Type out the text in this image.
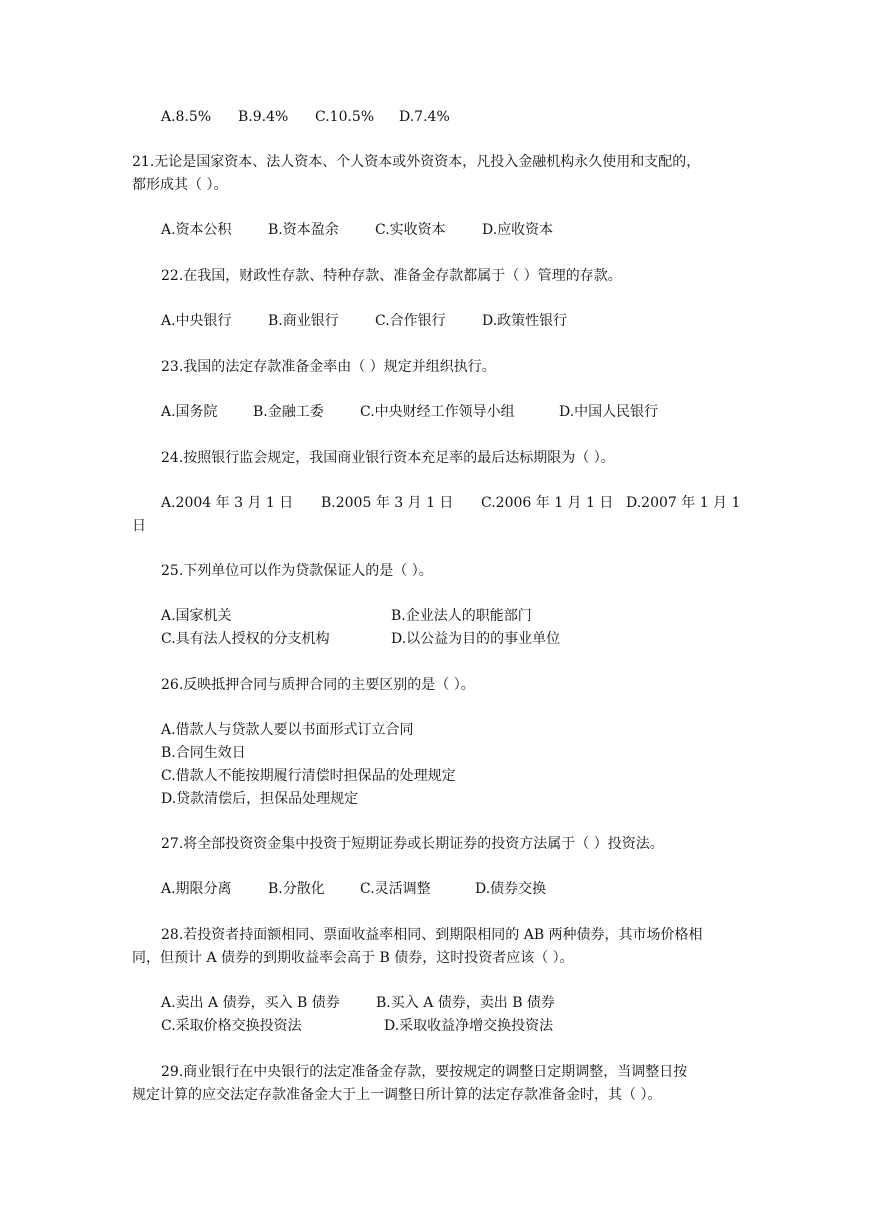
A.8.5% B.9.4% C.10.5% D.7.4%
21.无论是国家资本、法人资本、个人资本或外资资本，凡投入金融机构永久使用和支配的，
都形成其（ ）。
A.资本公积	B.资本盈余	C.实收资本	D.应收资本
22.在我国，财政性存款、特种存款、准备金存款都属于（ ）管理的存款。
A.中央银行	B.商业银行	C.合作银行	D.政策性银行
23.我国的法定存款准备金率由（ ）规定并组织执行。
A.国务院	B.金融工委	C.中央财经工作领导小组	D.中国人民银行
24.按照银行监会规定，我国商业银行资本充足率的最后达标期限为（ ）。
A.2004 年 3 月 1 日 B.2005 年 3 月 1 日 C.2006 年 1 月 1 日 D.2007 年 1 月 1
日
25.下列单位可以作为贷款保证人的是（ ）。
A.国家机关	B.企业法人的职能部门
C.具有法人授权的分支机构	D.以公益为目的的事业单位
26.反映抵押合同与质押合同的主要区别的是（ ）。
A.借款人与贷款人要以书面形式订立合同
B.合同生效日
C.借款人不能按期履行清偿时担保品的处理规定
D.贷款清偿后，担保品处理规定
27.将全部投资资金集中投资于短期证券或长期证券的投资方法属于（ ）投资法。
A.期限分离	B.分散化	C.灵活调整	D.债券交换
28.若投资者持面额相同、票面收益率相同、到期限相同的 AB 两种债券，其市场价格相
同，但预计 A 债券的到期收益率会高于 B 债券，这时投资者应该（ ）。
A.卖出 A 债券，买入 B 债券	B.买入 A 债券，卖出 B 债券
C.采取价格交换投资法	D.采取收益净增交换投资法
29.商业银行在中央银行的法定准备金存款，要按规定的调整日定期调整，当调整日按
规定计算的应交法定存款准备金大于上一调整日所计算的法定存款准备金时，其（ ）。
